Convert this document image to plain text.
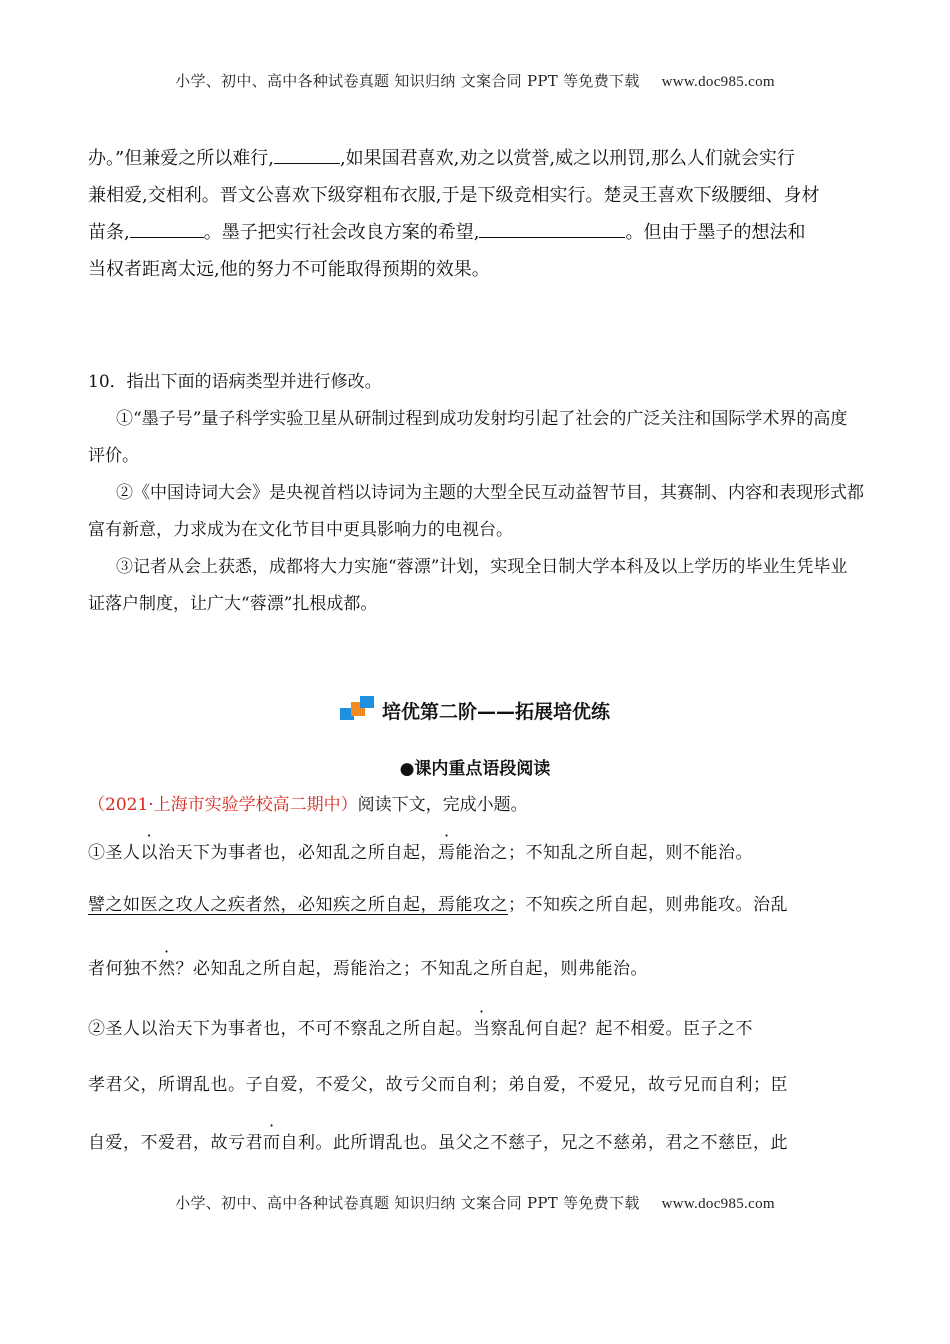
小学、初中、高中各种试卷真题 知识归纳 文案合同 PPT 等免费下载 www.doc985.com
办。”但兼爱之所以难行,	,如果国君喜欢,劝之以赏誉,威之以刑罚,那么人们就会实行
兼相爱,交相利。晋文公喜欢下级穿粗布衣服,于是下级竞相实行。楚灵王喜欢下级腰细、身材
苗条,	。墨子把实行社会改良方案的希望,	。但由于墨子的想法和
当权者距离太远,他的努力不可能取得预期的效果。

10．指出下面的语病类型并进行修改。

①“墨子号”量子科学实验卫星从研制过程到成功发射均引起了社会的广泛关注和国际学术界的高度评价。

②《中国诗词大会》是央视首档以诗词为主题的大型全民互动益智节目，其赛制、内容和表现形式都富有新意，力求成为在文化节目中更具影响力的电视台。

③记者从会上获悉，成都将大力实施“蓉漂”计划，实现全日制大学本科及以上学历的毕业生凭毕业证落户制度，让广大“蓉漂”扎根成都。

培优第二阶——拓展培优练
●课内重点语段阅读
（2021·上海市实验学校高二期中）阅读下文，完成小题。
①圣人以治天下为事者也，必知乱之所自起，焉能治之；不知乱之所自起，则不能治。
譬之如医之攻人之疾者然，必知疾之所自起，焉能攻之；不知疾之所自起，则弗能攻。治乱
者何独不然？必知乱之所自起，焉能治之；不知乱之所自起，则弗能治。
②圣人以治天下为事者也，不可不察乱之所自起。当察乱何自起？起不相爱。臣子之不
孝君父，所谓乱也。子自爱，不爱父，故亏父而自利；弟自爱，不爱兄，故亏兄而自利；臣
自爱，不爱君，故亏君而自利。此所谓乱也。虽父之不慈子，兄之不慈弟，君之不慈臣，此
小学、初中、高中各种试卷真题 知识归纳 文案合同 PPT 等免费下载 www.doc985.com
